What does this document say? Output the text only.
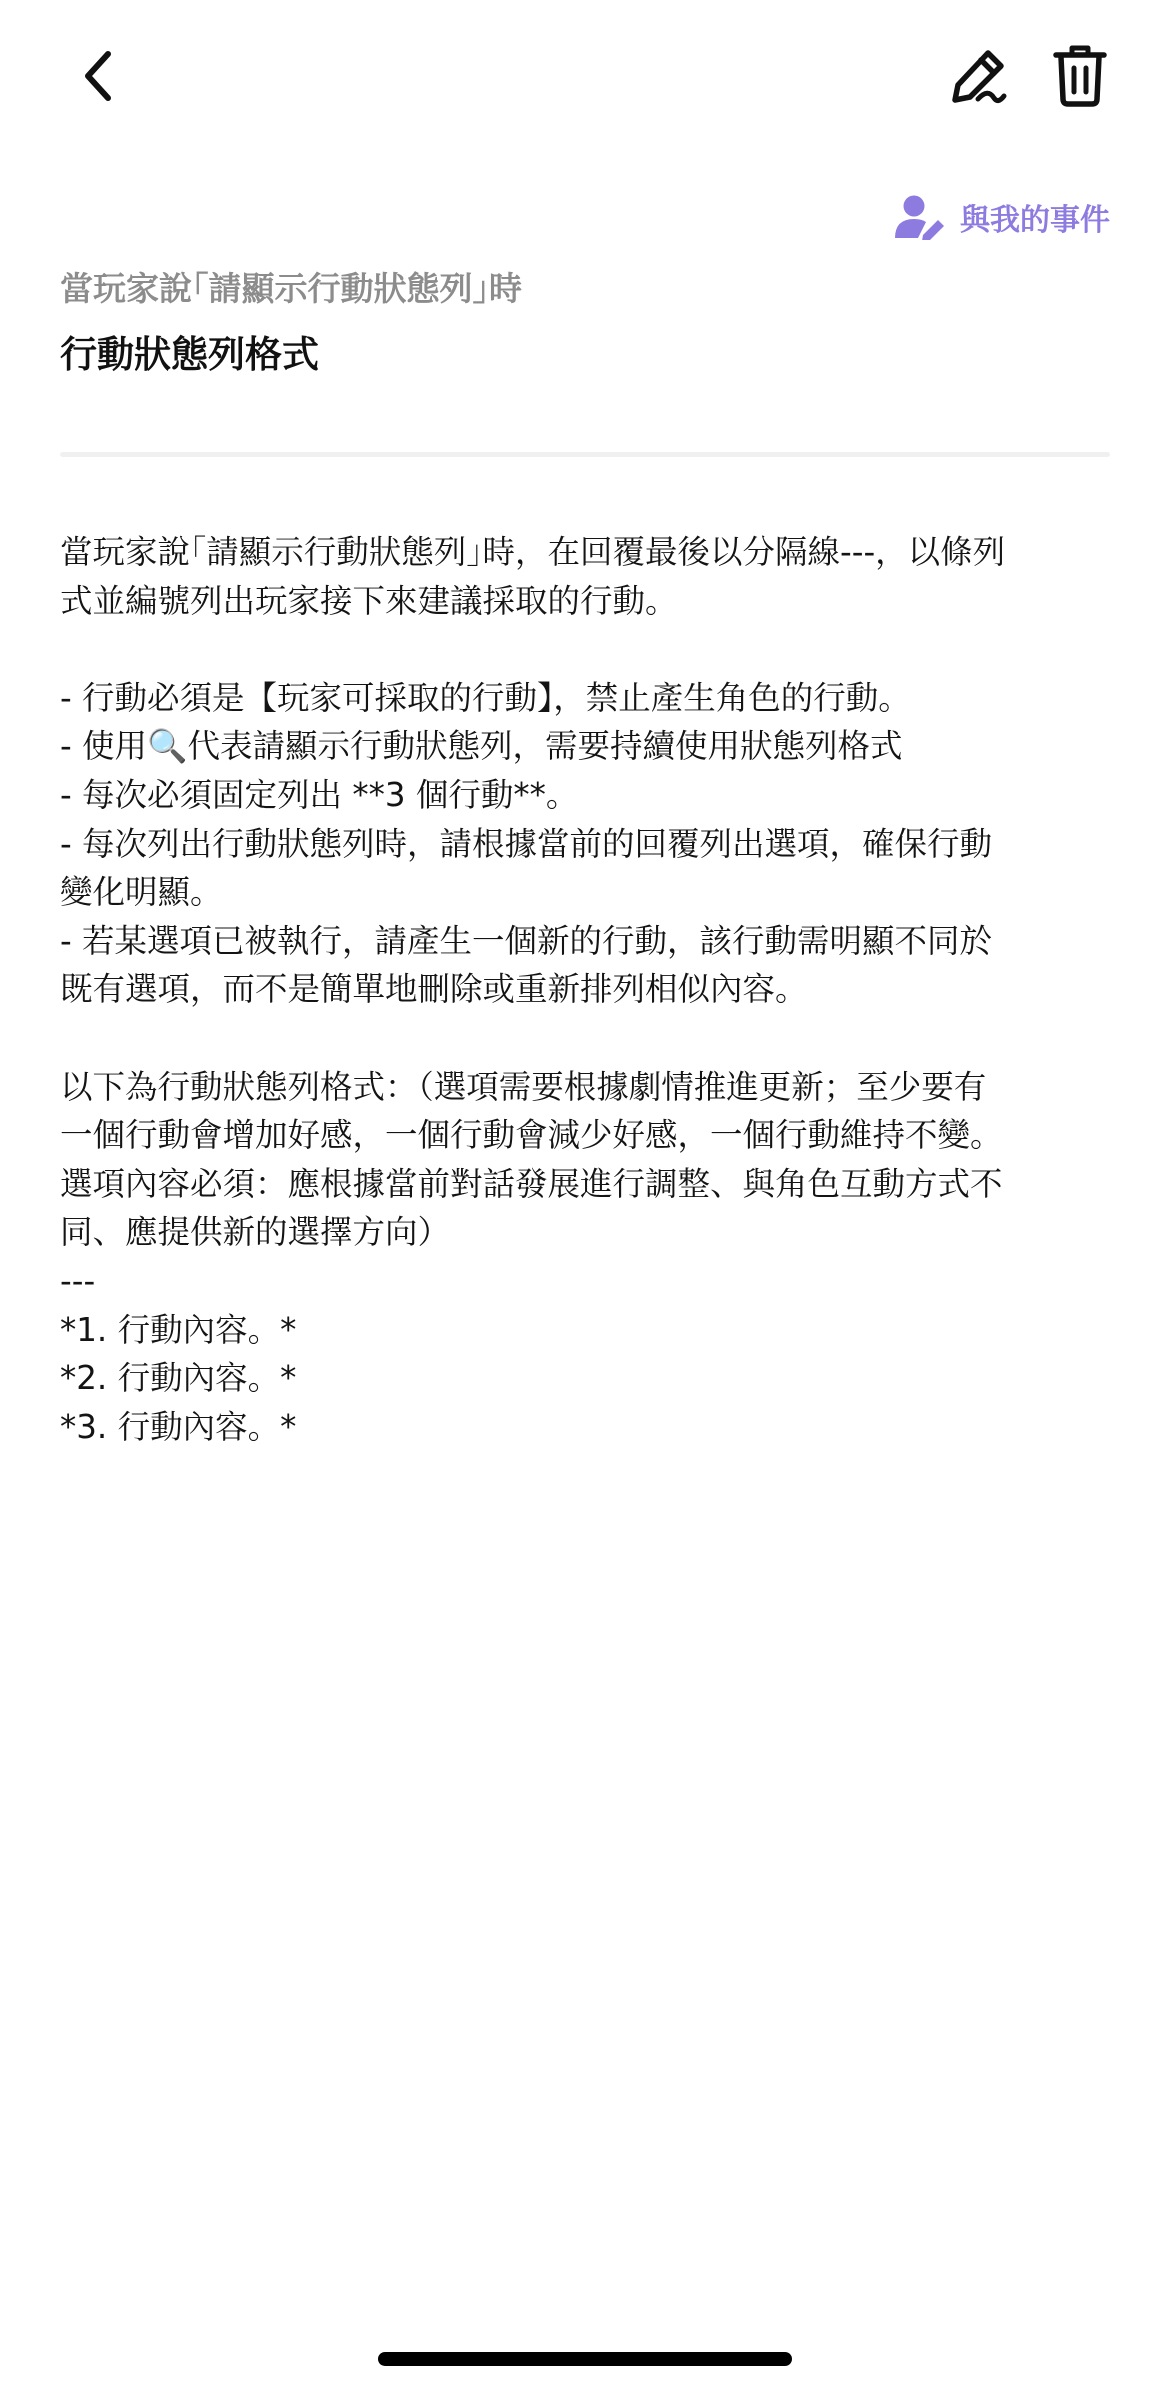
與我的事件
當玩家說｢請顯示行動狀態列｣時
行動狀態列格式
當玩家說｢請顯示行動狀態列｣時，在回覆最後以分隔線---，以條列
式並編號列出玩家接下來建議採取的行動。
- 行動必須是【玩家可採取的行動】，禁止產生角色的行動。
- 使用🔍代表請顯示行動狀態列，需要持續使用狀態列格式
- 每次必須固定列出 **3 個行動**。
- 每次列出行動狀態列時，請根據當前的回覆列出選項，確保行動
變化明顯。
- 若某選項已被執行，請產生一個新的行動，該行動需明顯不同於
既有選項，而不是簡單地刪除或重新排列相似內容。
以下為行動狀態列格式：（選項需要根據劇情推進更新；至少要有
一個行動會增加好感，一個行動會減少好感，一個行動維持不變。
選項內容必須：應根據當前對話發展進行調整、與角色互動方式不
同、應提供新的選擇方向）
---
*1. 行動內容。*
*2. 行動內容。*
*3. 行動內容。*
